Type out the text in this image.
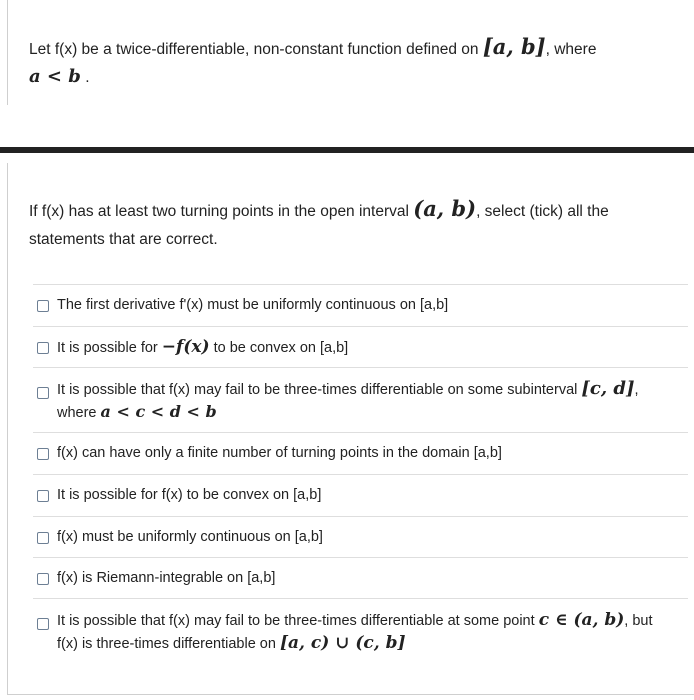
Let f(x) be a twice-differentiable, non-constant function defined on [a, b], where
a < b .
If f(x) has at least two turning points in the open interval (a, b), select (tick) all the statements that are correct.
The first derivative f'(x) must be uniformly continuous on [a,b]
It is possible for −f(x) to be convex on [a,b]
It is possible that f(x) may fail to be three-times differentiable on some subinterval [c, d],
where a < c < d < b
f(x) can have only a finite number of turning points in the domain [a,b]
It is possible for f(x) to be convex on [a,b]
f(x) must be uniformly continuous on [a,b]
f(x) is Riemann-integrable on [a,b]
It is possible that f(x) may fail to be three-times differentiable at some point c ∈ (a, b), but
f(x) is three-times differentiable on [a, c) ∪ (c, b]
